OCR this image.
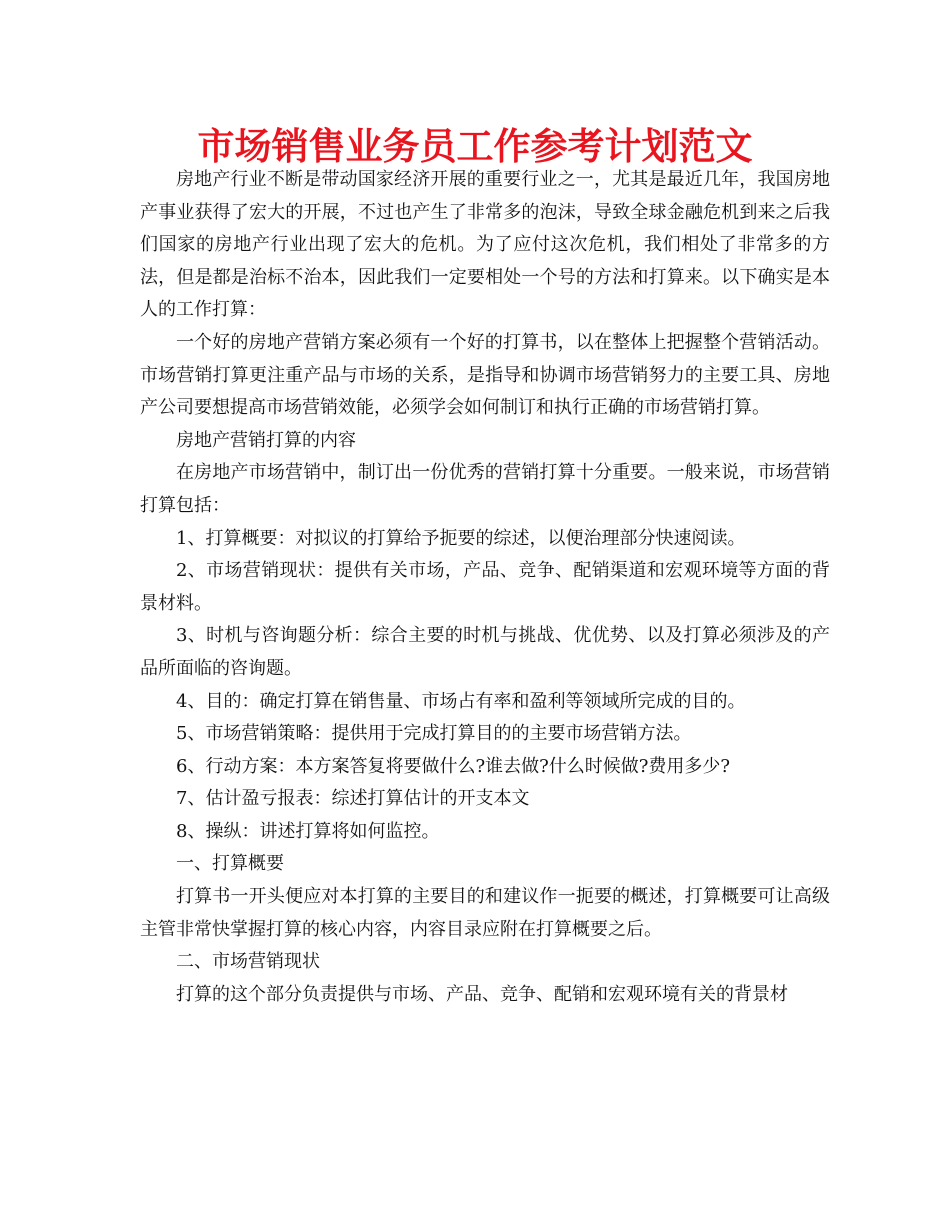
市场销售业务员工作参考计划范文

房地产行业不断是带动国家经济开展的重要行业之一，尤其是最近几年，我国房地产事业获得了宏大的开展，不过也产生了非常多的泡沫，导致全球金融危机到来之后我们国家的房地产行业出现了宏大的危机。为了应付这次危机，我们相处了非常多的方法，但是都是治标不治本，因此我们一定要相处一个号的方法和打算来。以下确实是本人的工作打算：

一个好的房地产营销方案必须有一个好的打算书，以在整体上把握整个营销活动。市场营销打算更注重产品与市场的关系，是指导和协调市场营销努力的主要工具、房地产公司要想提高市场营销效能，必须学会如何制订和执行正确的市场营销打算。

房地产营销打算的内容

在房地产市场营销中，制订出一份优秀的营销打算十分重要。一般来说，市场营销打算包括：

1、打算概要：对拟议的打算给予扼要的综述，以便治理部分快速阅读。

2、市场营销现状：提供有关市场，产品、竞争、配销渠道和宏观环境等方面的背景材料。

3、时机与咨询题分析：综合主要的时机与挑战、优优势、以及打算必须涉及的产品所面临的咨询题。

4、目的：确定打算在销售量、市场占有率和盈利等领域所完成的目的。

5、市场营销策略：提供用于完成打算目的的主要市场营销方法。

6、行动方案：本方案答复将要做什么?谁去做?什么时候做?费用多少?

7、估计盈亏报表：综述打算估计的开支本文

8、操纵：讲述打算将如何监控。

一、打算概要

打算书一开头便应对本打算的主要目的和建议作一扼要的概述，打算概要可让高级主管非常快掌握打算的核心内容，内容目录应附在打算概要之后。

二、市场营销现状

打算的这个部分负责提供与市场、产品、竞争、配销和宏观环境有关的背景材
